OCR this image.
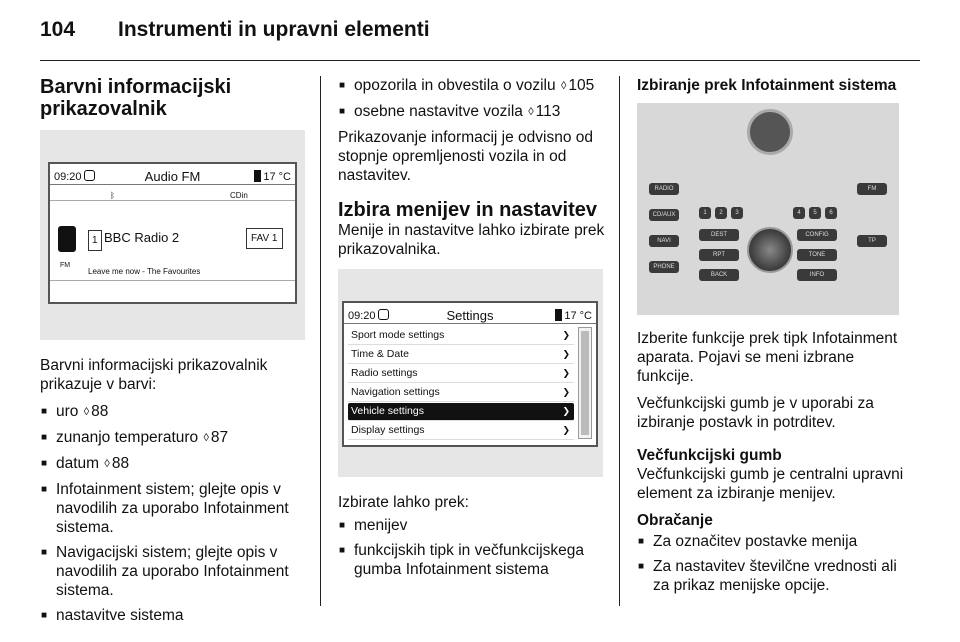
104 Instrumenti in upravni elementi
Barvni informacijski prikazovalnik
09:20	Audio FM	17 °C
ᛒ	CDin
1 BBC Radio 2	FAV 1
FM
Leave me now - The Favourites

Barvni informacijski prikazovalnik prikazuje v barvi:

■ uro ◊ 88
■ zunanjo temperaturo ◊ 87
■ datum ◊ 88
■ Infotainment sistem; glejte opis v navodilih za uporabo Infotainment sistema.
■ Navigacijski sistem; glejte opis v navodilih za uporabo Infotainment sistema.
■ nastavitve sistema
■ opozorila in obvestila o vozilu ◊ 105
■ osebne nastavitve vozila ◊ 113

Prikazovanje informacij je odvisno od stopnje opremljenosti vozila in od nastavitev.

Izbira menijev in nastavitev

Menije in nastavitve lahko izbirate prek prikazovalnika.

09:20	Settings	17 °C
Sport mode settings	❯
Time & Date	❯
Radio settings	❯
Navigation settings	❯
Vehicle settings	❯
Display settings	❯

Izbirate lahko prek:

■ menijev
■ funkcijskih tipk in večfunkcijskega gumba Infotainment sistema
Izbiranje prek Infotainment sistema
RADIO
CD/AUX
NAVI
PHONE
FM
TP
1	2	3	4	5	6
DEST	CONFIG
RPT	TONE
BACK	INFO

Izberite funkcije prek tipk Infotainment aparata. Pojavi se meni izbrane funkcije.

Večfunkcijski gumb je v uporabi za izbiranje postavk in potrditev.

Večfunkcijski gumb

Večfunkcijski gumb je centralni upravni element za izbiranje menijev.

Obračanje
■ Za označitev postavke menija
■ Za nastavitev številčne vrednosti ali za prikaz menijske opcije.
